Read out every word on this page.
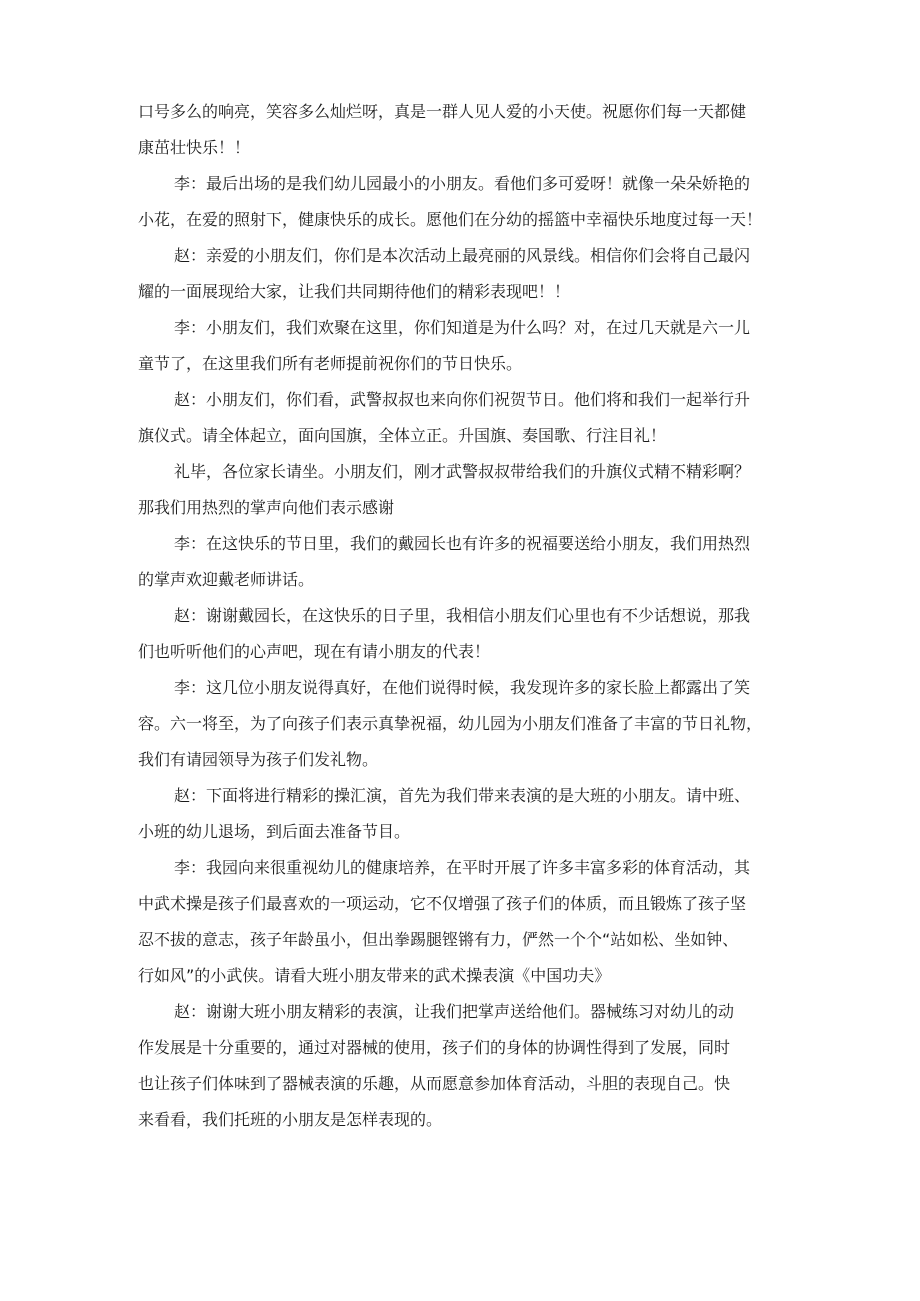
口号多么的响亮，笑容多么灿烂呀，真是一群人见人爱的小天使。祝愿你们每一天都健
康茁壮快乐！！
李：最后出场的是我们幼儿园最小的小朋友。看他们多可爱呀！就像一朵朵娇艳的
小花，在爱的照射下，健康快乐的成长。愿他们在分幼的摇篮中幸福快乐地度过每一天！
赵：亲爱的小朋友们，你们是本次活动上最亮丽的风景线。相信你们会将自己最闪
耀的一面展现给大家，让我们共同期待他们的精彩表现吧！！
李：小朋友们，我们欢聚在这里，你们知道是为什么吗？对，在过几天就是六一儿
童节了，在这里我们所有老师提前祝你们的节日快乐。
赵：小朋友们，你们看，武警叔叔也来向你们祝贺节日。他们将和我们一起举行升
旗仪式。请全体起立，面向国旗，全体立正。升国旗、奏国歌、行注目礼！
礼毕，各位家长请坐。小朋友们，刚才武警叔叔带给我们的升旗仪式精不精彩啊？
那我们用热烈的掌声向他们表示感谢
李：在这快乐的节日里，我们的戴园长也有许多的祝福要送给小朋友，我们用热烈
的掌声欢迎戴老师讲话。
赵：谢谢戴园长，在这快乐的日子里，我相信小朋友们心里也有不少话想说，那我
们也听听他们的心声吧，现在有请小朋友的代表！
李：这几位小朋友说得真好，在他们说得时候，我发现许多的家长脸上都露出了笑
容。六一将至，为了向孩子们表示真挚祝福，幼儿园为小朋友们准备了丰富的节日礼物，
我们有请园领导为孩子们发礼物。
赵：下面将进行精彩的操汇演，首先为我们带来表演的是大班的小朋友。请中班、
小班的幼儿退场，到后面去准备节目。
李：我园向来很重视幼儿的健康培养，在平时开展了许多丰富多彩的体育活动，其
中武术操是孩子们最喜欢的一项运动，它不仅增强了孩子们的体质，而且锻炼了孩子坚
忍不拔的意志，孩子年龄虽小，但出拳踢腿铿锵有力，俨然一个个“站如松、坐如钟、
行如风”的小武侠。请看大班小朋友带来的武术操表演《中国功夫》
赵：谢谢大班小朋友精彩的表演，让我们把掌声送给他们。器械练习对幼儿的动
作发展是十分重要的，通过对器械的使用，孩子们的身体的协调性得到了发展，同时
也让孩子们体味到了器械表演的乐趣，从而愿意参加体育活动，斗胆的表现自己。快
来看看，我们托班的小朋友是怎样表现的。
